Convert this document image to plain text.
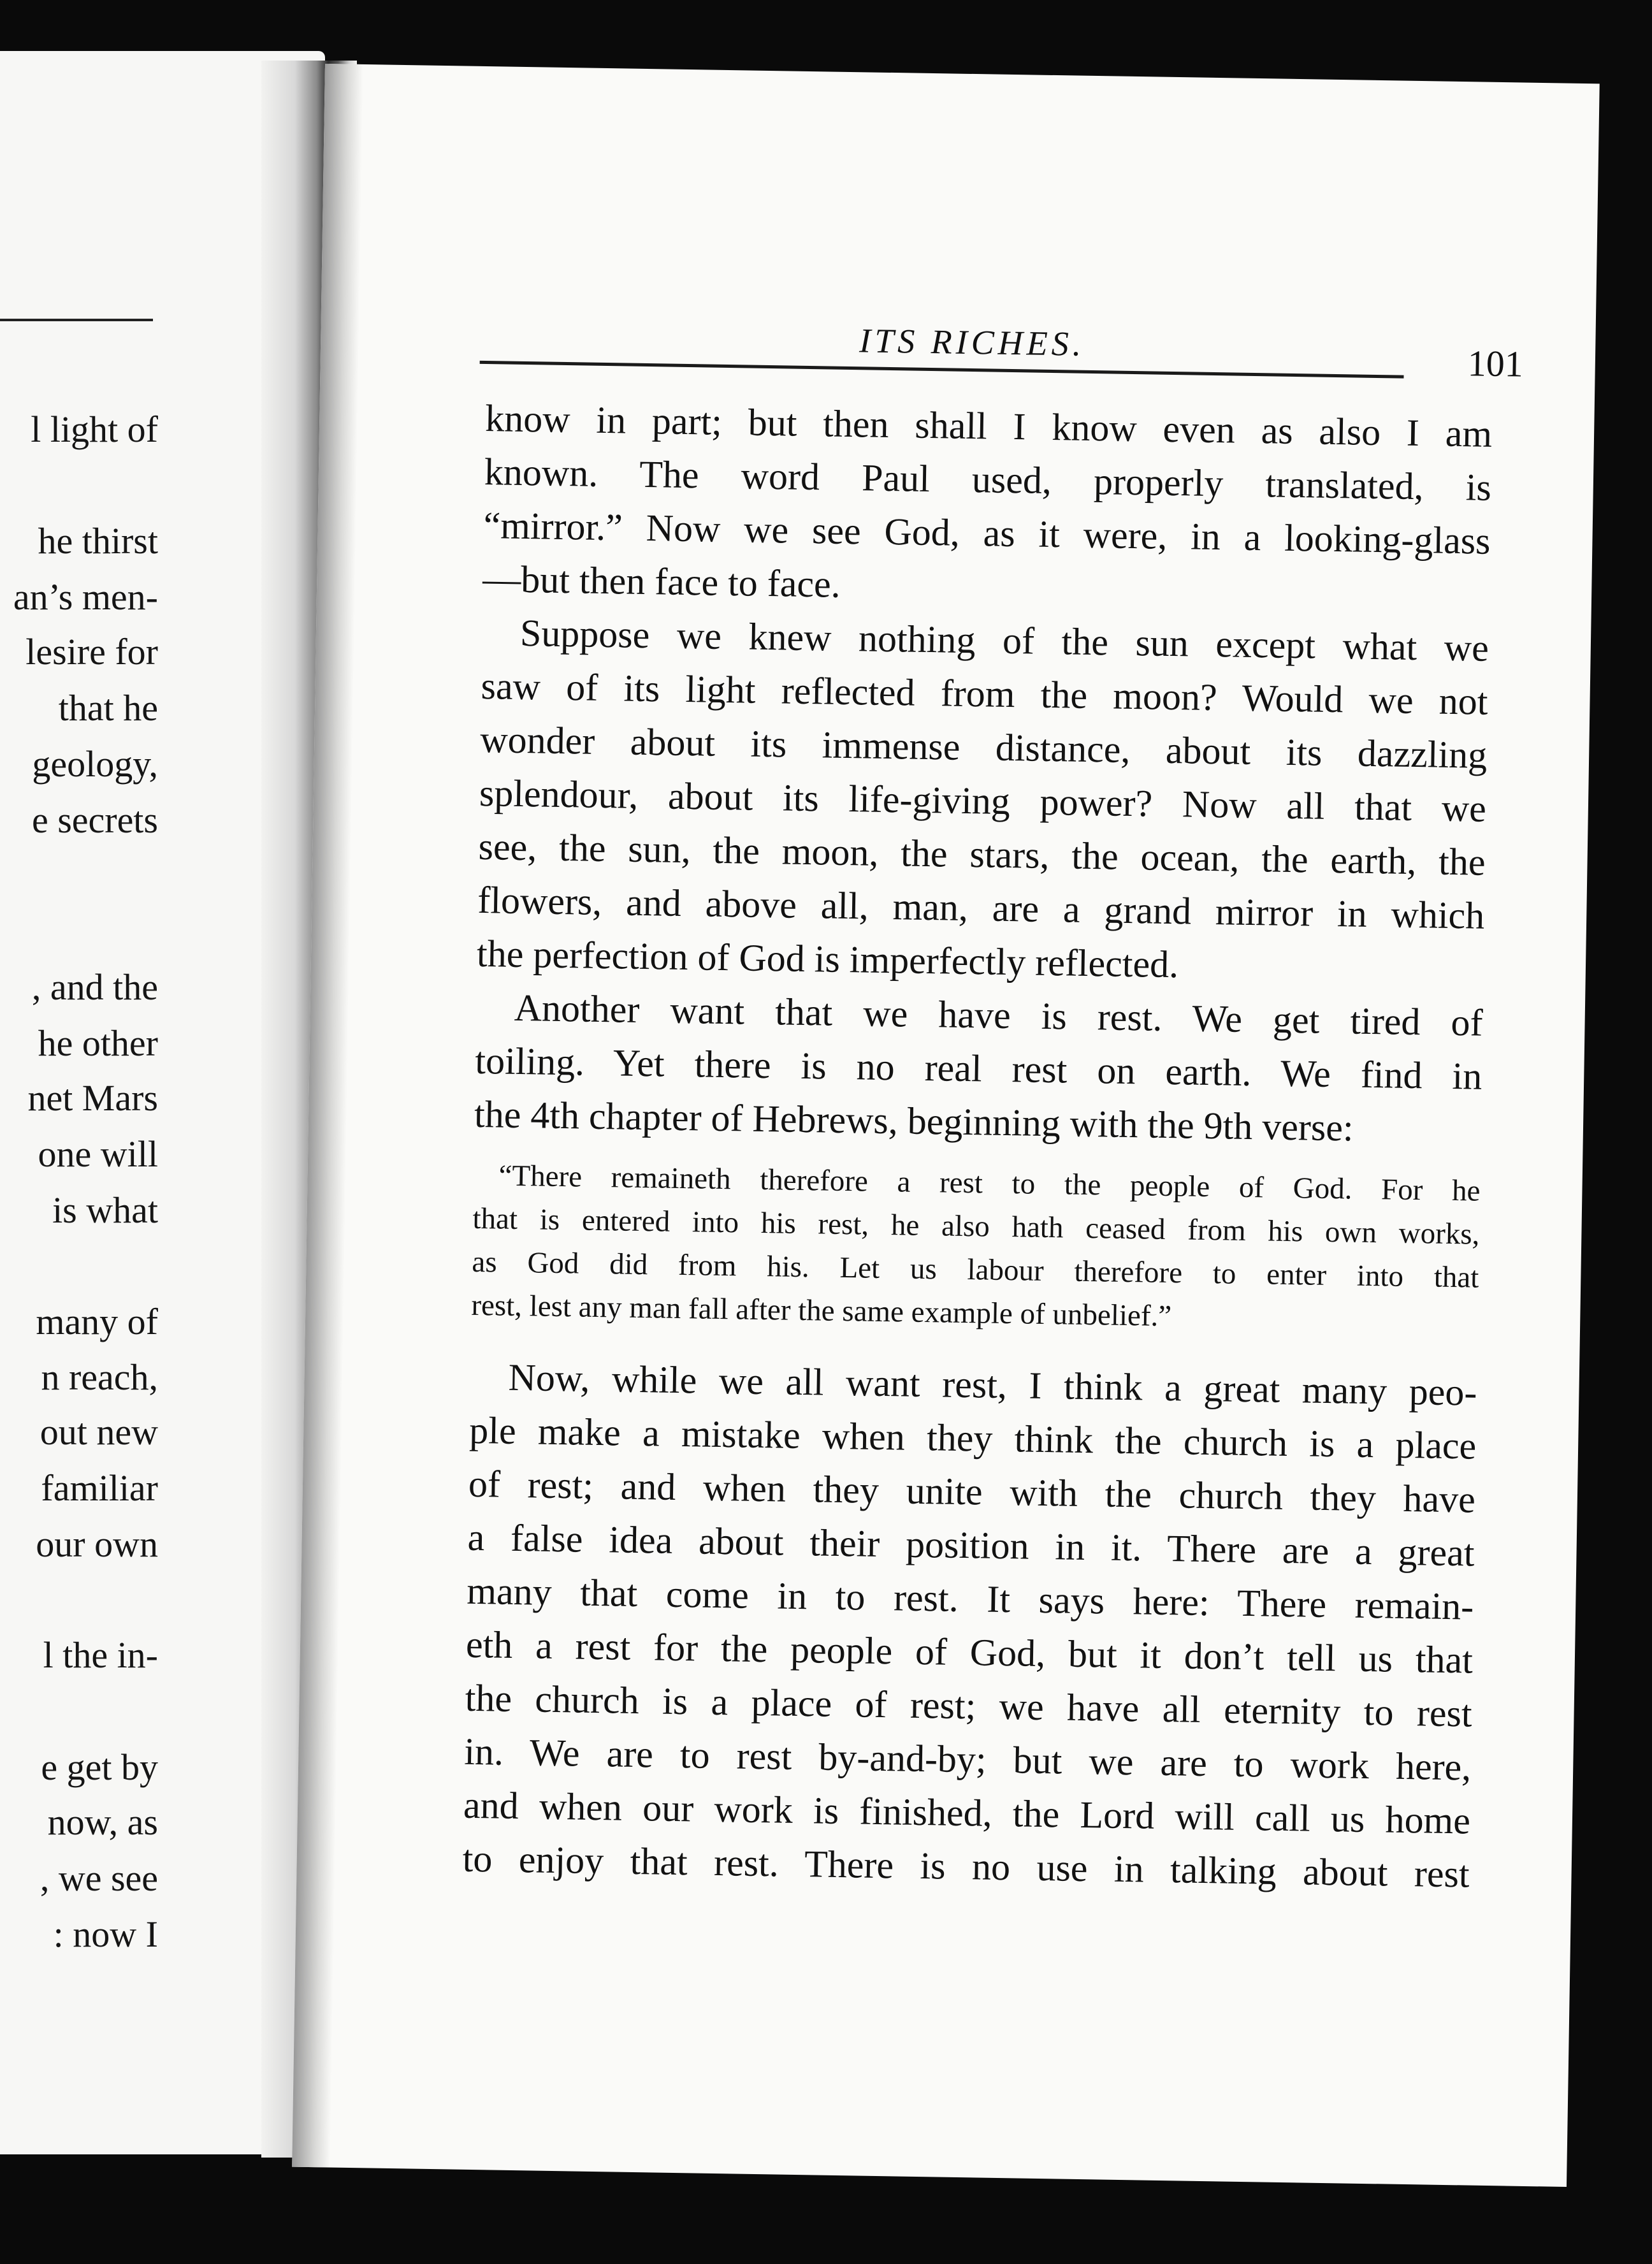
l light of
he thirst
an’s men-
lesire for
that he
geology,
e secrets
, and the
he other
net Mars
one will
is what
many of
n reach,
out new
familiar
our own
l the in-
e get by
now, as
, we see
: now I
ITS RICHES.
101
know in part; but then shall I know even as also I am
known. The word Paul used, properly translated, is
“mirror.” Now we see God, as it were, in a looking-glass
—but then face to face.
Suppose we knew nothing of the sun except what we
saw of its light reflected from the moon? Would we not
wonder about its immense distance, about its dazzling
splendour, about its life-giving power? Now all that we
see, the sun, the moon, the stars, the ocean, the earth, the
flowers, and above all, man, are a grand mirror in which
the perfection of God is imperfectly reflected.
Another want that we have is rest. We get tired of
toiling. Yet there is no real rest on earth. We find in
the 4th chapter of Hebrews, beginning with the 9th verse:
“There remaineth therefore a rest to the people of God. For he
that is entered into his rest, he also hath ceased from his own works,
as God did from his. Let us labour therefore to enter into that
rest, lest any man fall after the same example of unbelief.”
Now, while we all want rest, I think a great many peo-
ple make a mistake when they think the church is a place
of rest; and when they unite with the church they have
a false idea about their position in it. There are a great
many that come in to rest. It says here: There remain-
eth a rest for the people of God, but it don’t tell us that
the church is a place of rest; we have all eternity to rest
in. We are to rest by-and-by; but we are to work here,
and when our work is finished, the Lord will call us home
to enjoy that rest. There is no use in talking about rest
